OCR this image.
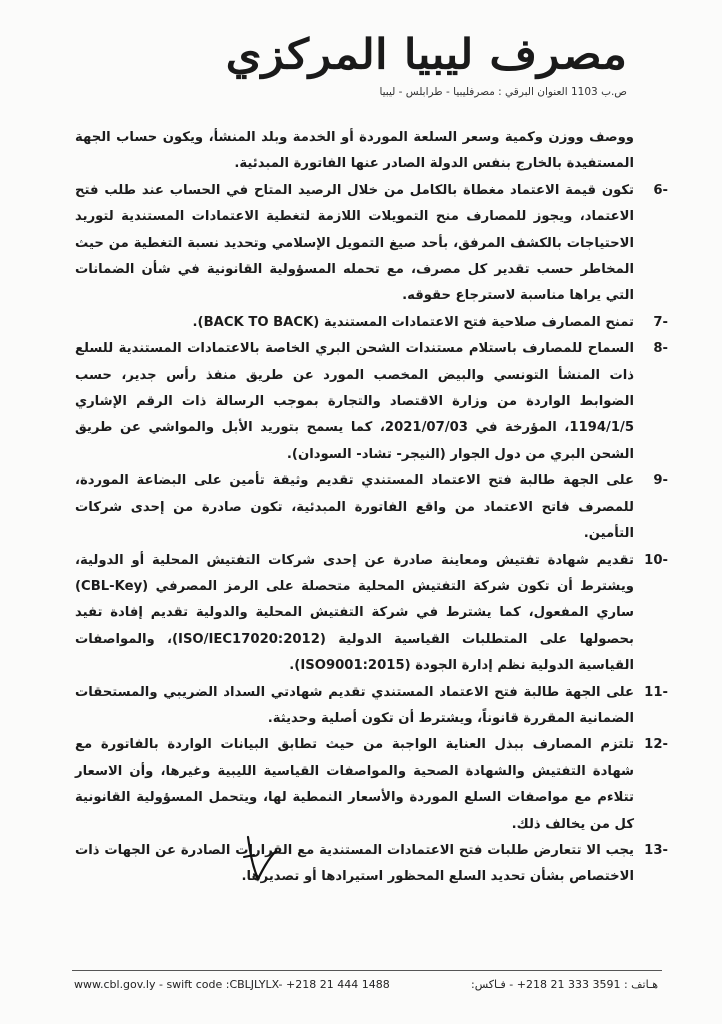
مصرف ليبيا المركزي
ص.ب 1103 العنوان البرقي : مصرفليبيا - طرابلس - ليبيا

ووصف ووزن وكمية وسعر السلعة الموردة أو الخدمة وبلد المنشأ، ويكون حساب الجهة المستفيدة بالخارج بنفس الدولة الصادر عنها الفاتورة المبدئية.

6-
تكون قيمة الاعتماد مغطاة بالكامل من خلال الرصيد المتاح في الحساب عند طلب فتح الاعتماد، ويجوز للمصارف منح التمويلات اللازمة لتغطية الاعتمادات المستندية لتوريد الاحتياجات بالكشف المرفق، بأحد صيغ التمويل الإسلامي وتحديد نسبة التغطية من حيث المخاطر حسب تقدير كل مصرف، مع تحمله المسؤولية القانونية في شأن الضمانات التي يراها مناسبة لاسترجاع حقوقه.

7-
تمنح المصارف صلاحية فتح الاعتمادات المستندية (BACK TO BACK).

8-
السماح للمصارف باستلام مستندات الشحن البري الخاصة بالاعتمادات المستندية للسلع ذات المنشأ التونسي والبيض المخصب المورد عن طريق منفذ رأس جدير، حسب الضوابط الواردة من وزارة الاقتصاد والتجارة بموجب الرسالة ذات الرقم الإشاري 1194/1/5، المؤرخة في 2021/07/03، كما يسمح بتوريد الأبل والمواشي عن طريق الشحن البري من دول الجوار (النيجر- تشاد- السودان).

9-
على الجهة طالبة فتح الاعتماد المستندي تقديم وثيقة تأمين على البضاعة الموردة، للمصرف فاتح الاعتماد من واقع الفاتورة المبدئية، تكون صادرة من إحدى شركات التأمين.

10-
تقديم شهادة تفتيش ومعاينة صادرة عن إحدى شركات التفتيش المحلية أو الدولية، ويشترط أن تكون شركة التفتيش المحلية متحصلة على الرمز المصرفي (CBL-Key) ساري المفعول، كما يشترط في شركة التفتيش المحلية والدولية تقديم إفادة تفيد بحصولها على المتطلبات القياسية الدولية (ISO/IEC17020:2012)، والمواصفات القياسية الدولية نظم إدارة الجودة (ISO9001:2015).

11-
على الجهة طالبة فتح الاعتماد المستندي تقديم شهادتي السداد الضريبي والمستحقات الضمانية المقررة قانوناً، ويشترط أن تكون أصلية وحديثة.

12-
تلتزم المصارف ببذل العناية الواجبة من حيث تطابق البيانات الواردة بالفاتورة مع شهادة التفتيش والشهادة الصحية والمواصفات القياسية الليبية وغيرها، وأن الاسعار تتلاءم مع مواصفات السلع الموردة والأسعار النمطية لها، ويتحمل المسؤولية القانونية كل من يخالف ذلك.

13-
يجب الا تتعارض طلبات فتح الاعتمادات المستندية مع القرارات الصادرة عن الجهات ذات الاختصاص بشأن تحديد السلع المحظور استيرادها أو تصديرها.

www.cbl.gov.ly - swift code :CBLJLYLX- +218 21 444 1488	هـاتف : 3591 333 21 218+ - فـاكس:
